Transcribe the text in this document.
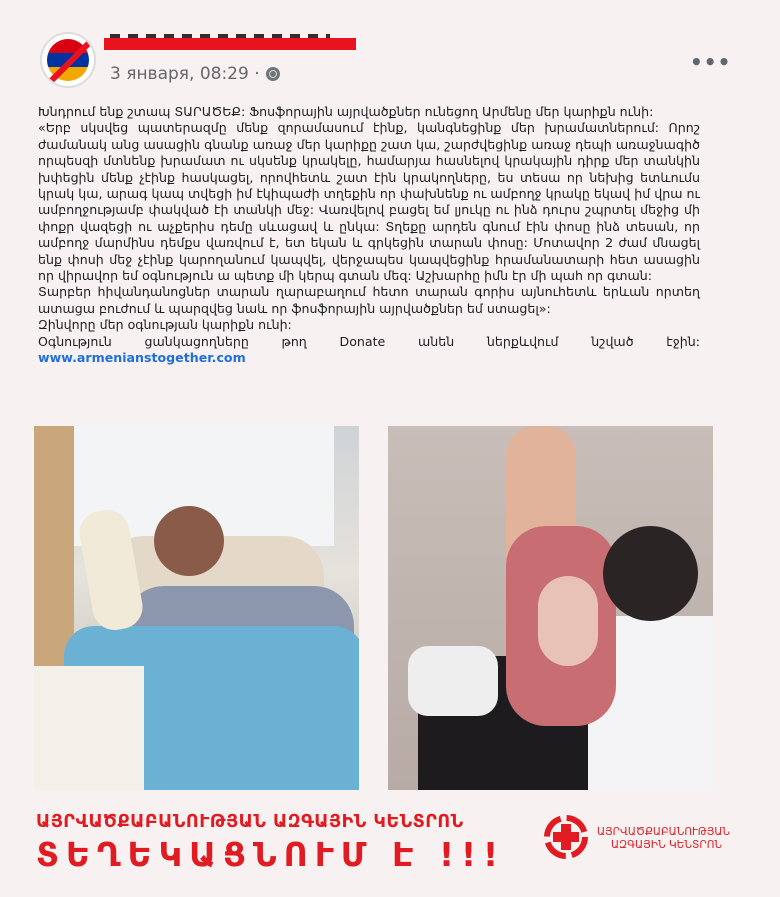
3 января, 08:29 ·	•••

Խնդրում ենք շտապ ՏԱՐԱԾԵՔ: Ֆոսֆորային այրվածքներ ունեցող Արմենը մեր կարիքն ունի:

«Երբ սկսվեց պատերազմը մենք զորամասում էինք, կանգնեցինք մեր խրամատներում: Որոշ ժամանակ անց ասացին գնանք առաջ մեր կարիքը շատ կա, շարժվեցինք առաջ դեպի առաջնագիծ որպեսզի մտնենք խրամատ ու սկսենք կրակելը, համարյա հասնելով կրակային դիրք մեր տանկին խփեցին մենք չէինք հասկացել, որովհետև շատ էին կրակողները, ես տեսա որ նեխից ետևումս կրակ կա, արագ կապ տվեցի իմ էկիպաժի տղեքին որ փախնենք ու ամբողջ կրակը եկավ իմ վրա ու ամբողջությամբ փակված էի տանկի մեջ: Վառվելով բացել եմ լյուկը ու ինձ դուրս շպրտել մեջից մի փոքր վազեցի ու աչքերիս դեմը սևացավ և ընկա: Տղեքը արդեն գնում էին փոսը ինձ տեսան, որ ամբողջ մարմինս դեմքս վառվում է, ետ եկան և գրկեցին տարան փոսը: Մոտավոր 2 ժամ մնացել ենք փոսի մեջ չէինք կարողանում կապվել, վերջապես կապվեցինք հրամանատարի հետ ասացին որ վիրավոր եմ օգնություն ա պետք մի կերպ գտան մեզ: Աշխարհը իմն էր մի պահ որ գտան:

Տարբեր հիվանդանոցներ տարան ղարաբաղում հետո տարան գորիս այնուհետև երևան որտեղ ատացա բուժում և պարզվեց նաև որ ֆոսֆորային այրվածքներ եմ ստացել»:

Զինվորը մեր օգնության կարիքն ունի:

Օգնություն ցանկացողները թող Donate անեն ներքևվում նշված էջին: www.armenianstogether.com

ԱՅՐՎԱԾՔԱԲԱՆՈՒԹՅԱՆ ԱԶԳԱՅԻՆ ԿԵՆՏՐՈՆ
ՏԵՂԵԿԱՑՆՈՒՄ Է !!!
ԱՅՐՎԱԾՔԱԲԱՆՈՒԹՅԱՆ
ԱԶԳԱՅԻՆ ԿԵՆՏՐՈՆ
